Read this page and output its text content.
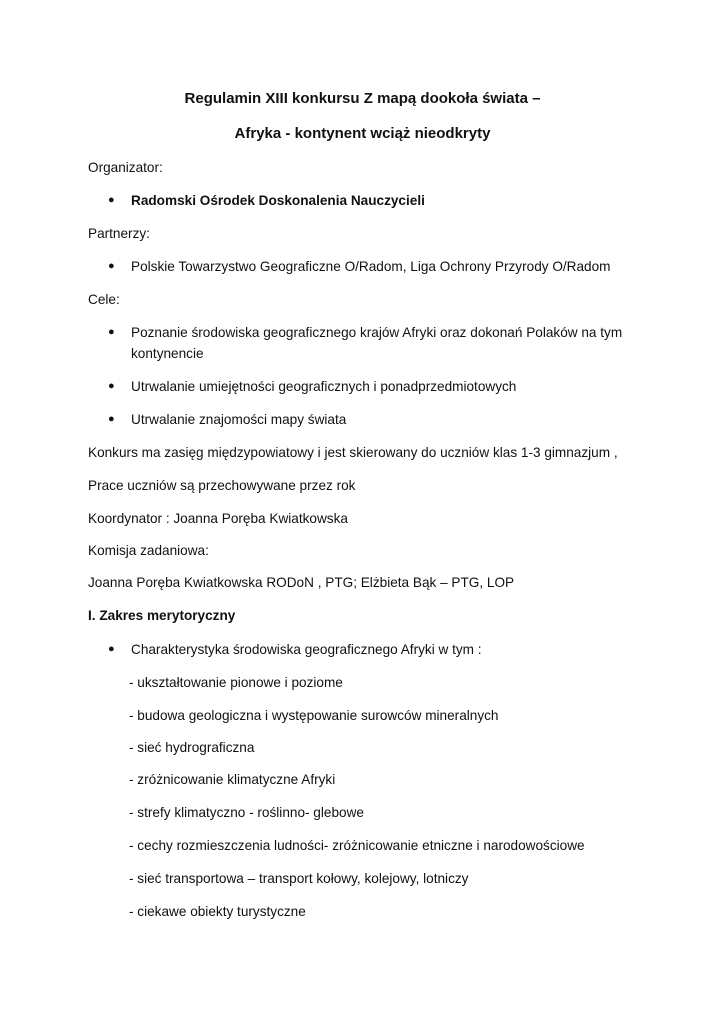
Regulamin XIII konkursu Z mapą dookoła świata –
Afryka - kontynent wciąż nieodkryty
Organizator:
● Radomski Ośrodek Doskonalenia Nauczycieli
Partnerzy:
● Polskie Towarzystwo Geograficzne O/Radom, Liga Ochrony Przyrody O/Radom
Cele:
● Poznanie środowiska geograficznego krajów Afryki oraz dokonań Polaków na tym
kontynencie
● Utrwalanie umiejętności geograficznych i ponadprzedmiotowych
● Utrwalanie znajomości mapy świata
Konkurs ma zasięg międzypowiatowy i jest skierowany do uczniów klas 1-3 gimnazjum ,
Prace uczniów są przechowywane przez rok
Koordynator : Joanna Poręba Kwiatkowska
Komisja zadaniowa:
Joanna Poręba Kwiatkowska RODoN , PTG; Elżbieta Bąk – PTG, LOP
I. Zakres merytoryczny
● Charakterystyka środowiska geograficznego Afryki w tym :
- ukształtowanie pionowe i poziome
- budowa geologiczna i występowanie surowców mineralnych
- sieć hydrograficzna
- zróżnicowanie klimatyczne Afryki
- strefy klimatyczno - roślinno- glebowe
- cechy rozmieszczenia ludności- zróżnicowanie etniczne i narodowościowe
- sieć transportowa – transport kołowy, kolejowy, lotniczy
- ciekawe obiekty turystyczne
